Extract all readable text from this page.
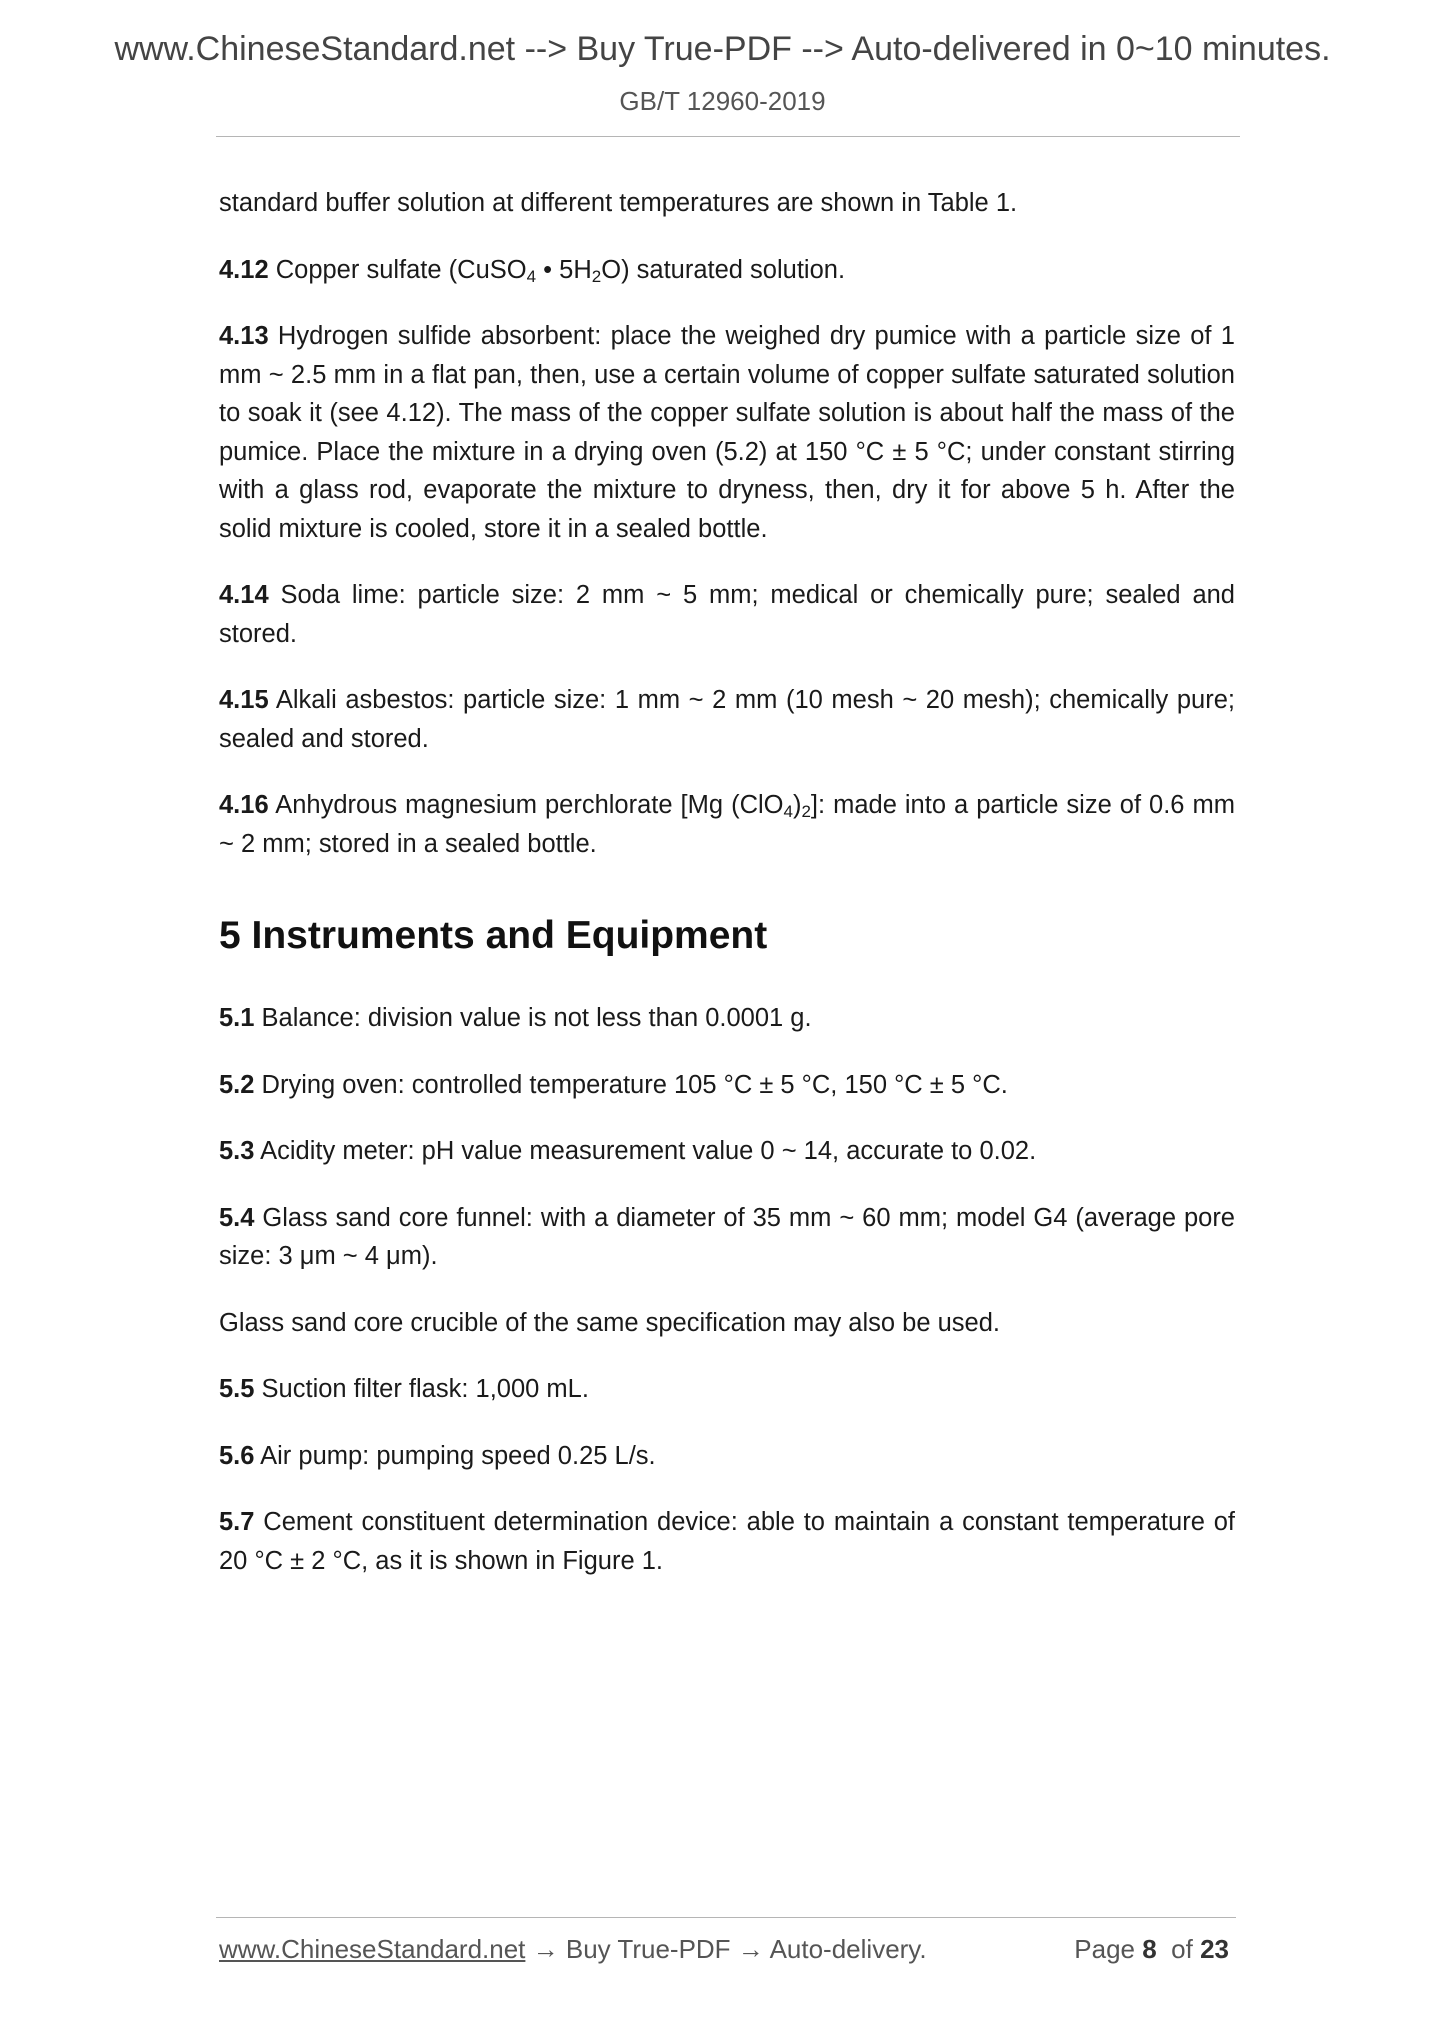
www.ChineseStandard.net --> Buy True-PDF --> Auto-delivered in 0~10 minutes.
GB/T 12960-2019

standard buffer solution at different temperatures are shown in Table 1.

4.12 Copper sulfate (CuSO$_4$ • $5H_2O$) saturated solution.

4.13 Hydrogen sulfide absorbent: place the weighed dry pumice with a particle size of 1 mm ~ 2.5 mm in a flat pan, then, use a certain volume of copper sulfate saturated solution to soak it (see 4.12). The mass of the copper sulfate solution is about half the mass of the pumice. Place the mixture in a drying oven (5.2) at 150 °C ± 5 °C; under constant stirring with a glass rod, evaporate the mixture to dryness, then, dry it for above 5 h. After the solid mixture is cooled, store it in a sealed bottle.

4.14 Soda lime: particle size: 2 mm ~ 5 mm; medical or chemically pure; sealed and stored.

4.15 Alkali asbestos: particle size: 1 mm ~ 2 mm (10 mesh ~ 20 mesh); chemically pure; sealed and stored.

4.16 Anhydrous magnesium perchlorate [Mg $(ClO_4)_2$]: made into a particle size of 0.6 mm ~ 2 mm; stored in a sealed bottle.

5 Instruments and Equipment

5.1 Balance: division value is not less than 0.0001 g.

5.2 Drying oven: controlled temperature 105 °C ± 5 °C, 150 °C ± 5 °C.

5.3 Acidity meter: pH value measurement value 0 ~ 14, accurate to 0.02.

5.4 Glass sand core funnel: with a diameter of 35 mm ~ 60 mm; model G4 (average pore size: 3 μm ~ 4 μm).

Glass sand core crucible of the same specification may also be used.

5.5 Suction filter flask: 1,000 mL.

5.6 Air pump: pumping speed 0.25 L/s.

5.7 Cement constituent determination device: able to maintain a constant temperature of 20 °C ± 2 °C, as it is shown in Figure 1.

www.ChineseStandard.net → Buy True-PDF → Auto-delivery.	Page 8 of 23
